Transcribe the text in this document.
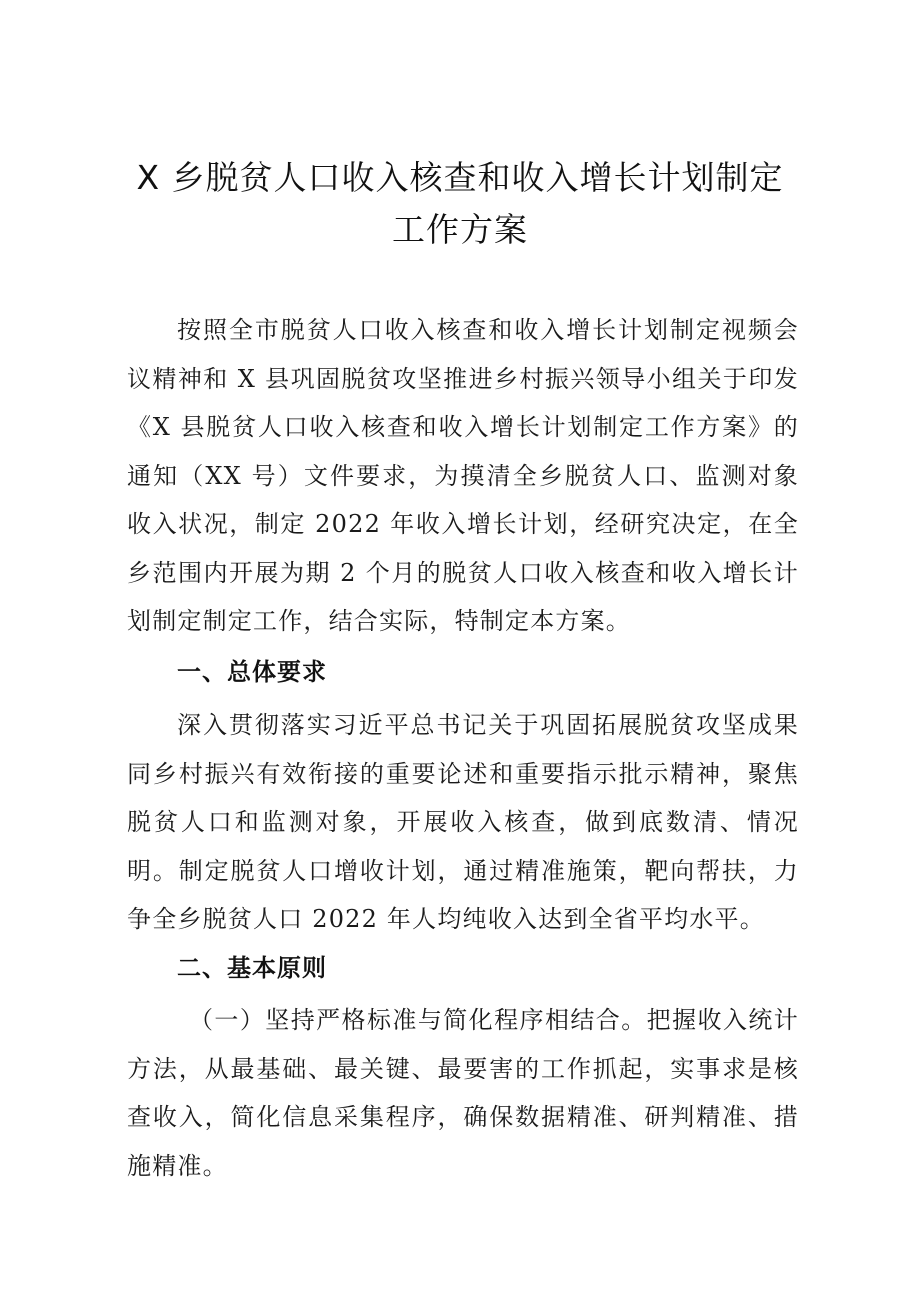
X 乡脱贫人口收入核查和收入增长计划制定
工作方案

按照全市脱贫人口收入核查和收入增长计划制定视频会议精神和 X 县巩固脱贫攻坚推进乡村振兴领导小组关于印发《X 县脱贫人口收入核查和收入增长计划制定工作方案》的通知（XX 号）文件要求，为摸清全乡脱贫人口、监测对象收入状况，制定 2022 年收入增长计划，经研究决定，在全乡范围内开展为期 2 个月的脱贫人口收入核查和收入增长计划制定制定工作，结合实际，特制定本方案。

一、总体要求

深入贯彻落实习近平总书记关于巩固拓展脱贫攻坚成果同乡村振兴有效衔接的重要论述和重要指示批示精神，聚焦脱贫人口和监测对象，开展收入核查，做到底数清、情况明。制定脱贫人口增收计划，通过精准施策，靶向帮扶，力争全乡脱贫人口 2022 年人均纯收入达到全省平均水平。

二、基本原则

（一）坚持严格标准与简化程序相结合。把握收入统计方法，从最基础、最关键、最要害的工作抓起，实事求是核查收入，简化信息采集程序，确保数据精准、研判精准、措施精准。
